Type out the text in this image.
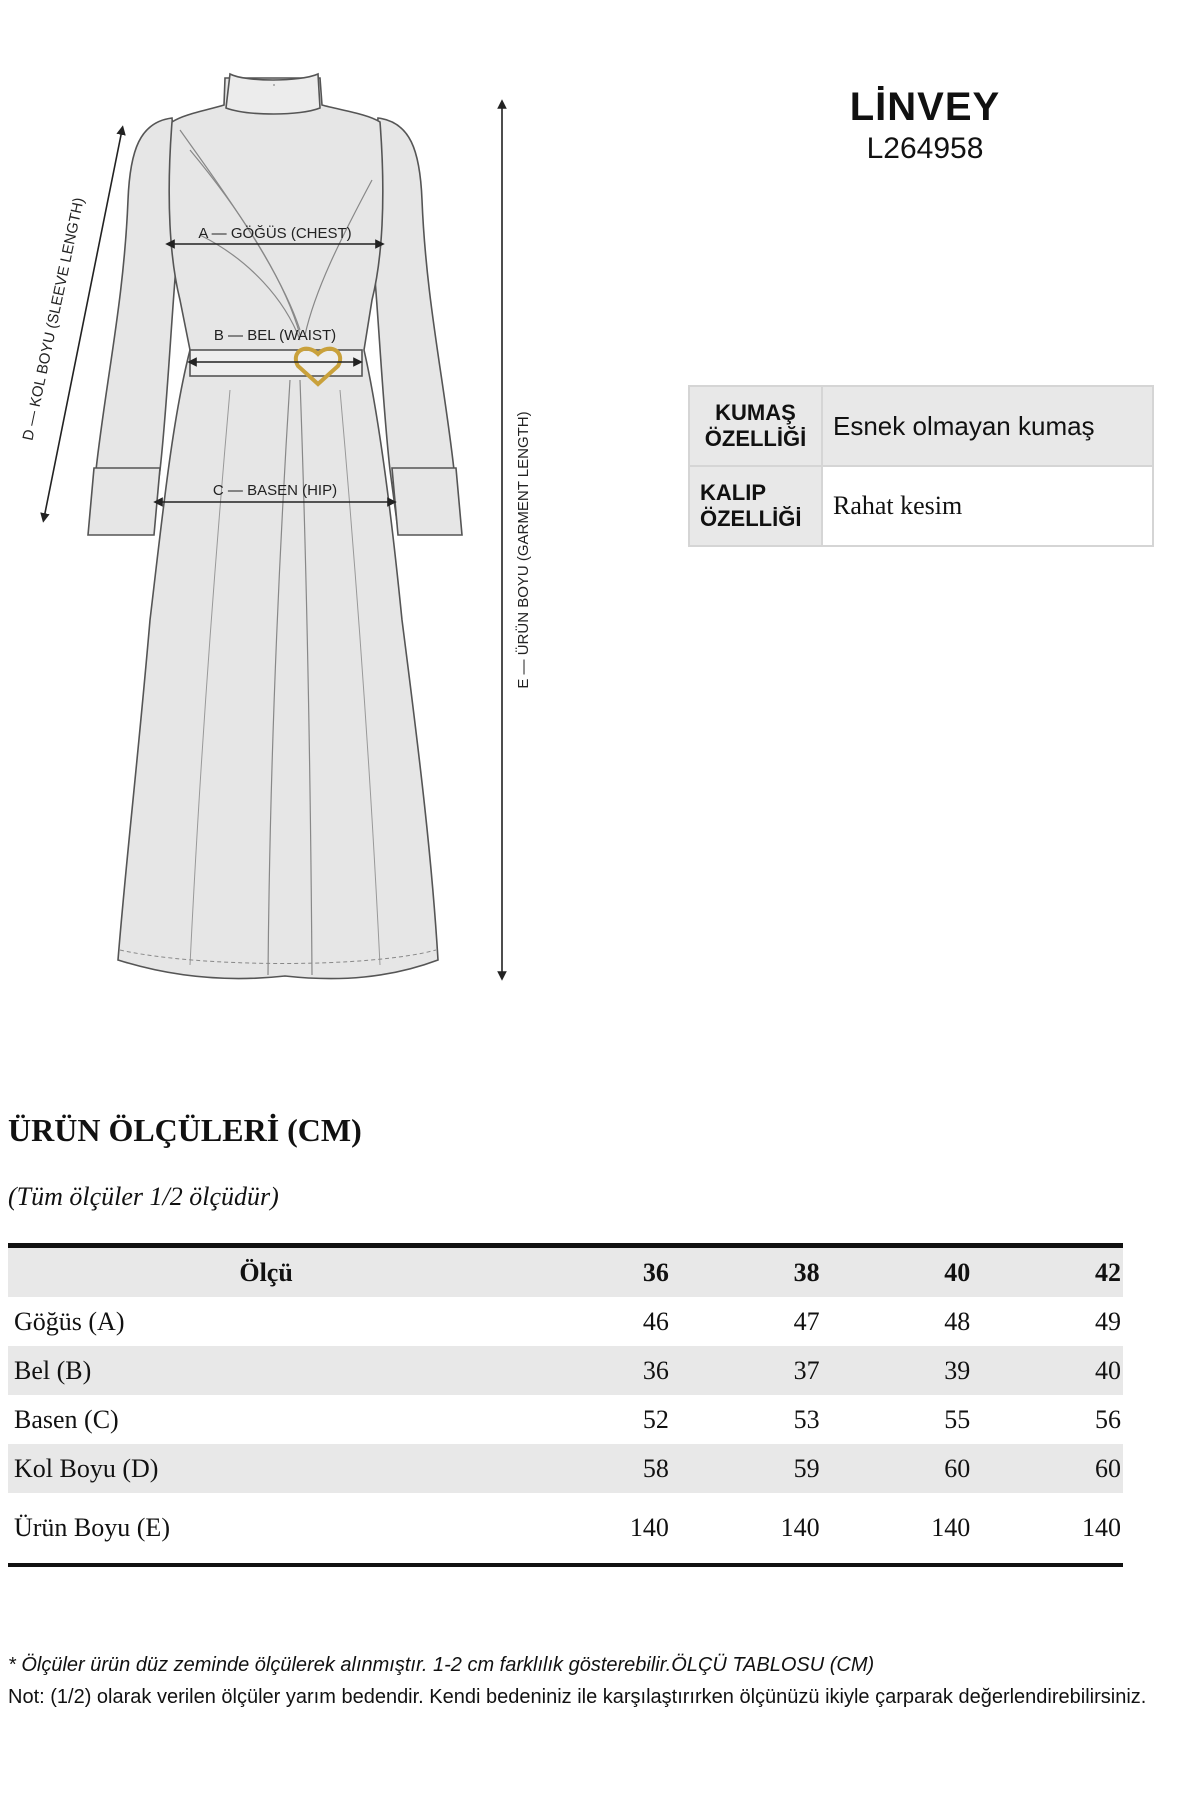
A — GÖĞÜS (CHEST)
B — BEL (WAIST)
C — BASEN (HIP)
D — KOL BOYU (SLEEVE LENGTH)
E — ÜRÜN BOYU (GARMENT LENGTH)
LİNVEY
L264958
KUMAŞ ÖZELLİĞİ	Esnek olmayan kumaş
KALIP ÖZELLİĞİ	Rahat kesim
ÜRÜN ÖLÇÜLERİ (CM)
(Tüm ölçüler 1/2 ölçüdür)
Ölçü	36	38	40	42
Göğüs (A)	46	47	48	49
Bel (B)	36	37	39	40
Basen (C)	52	53	55	56
Kol Boyu (D)	58	59	60	60
Ürün Boyu (E)	140	140	140	140
* Ölçüler ürün düz zeminde ölçülerek alınmıştır. 1-2 cm farklılık gösterebilir.ÖLÇÜ TABLOSU (CM)
Not: (1/2) olarak verilen ölçüler yarım bedendir. Kendi bedeniniz ile karşılaştırırken ölçünüzü ikiyle çarparak değerlendirebilirsiniz.
